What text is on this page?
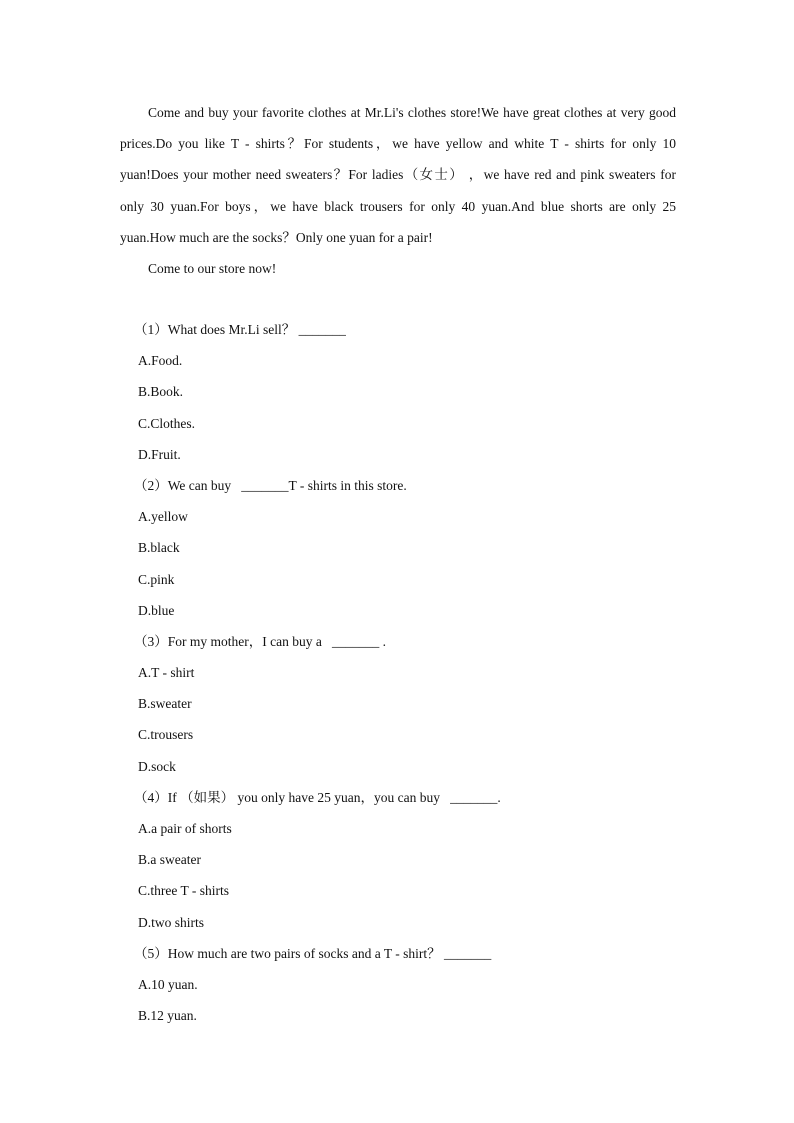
Come and buy your favorite clothes at Mr.Li's clothes store!We have great clothes at very good prices.Do you like T - shirts？For students，we have yellow and white T - shirts for only 10 yuan!Does your mother need sweaters？For ladies（女士） ，we have red and pink sweaters for only 30 yuan.For boys，we have black trousers for only 40 yuan.And blue shorts are only 25 yuan.How much are the socks？Only one yuan for a pair!

Come to our store now!

（1）What does Mr.Li sell？ _______
A.Food.
B.Book.
C.Clothes.
D.Fruit.
（2）We can buy   _______T - shirts in this store.
A.yellow
B.black
C.pink
D.blue
（3）For my mother，I can buy a   _______ .
A.T - shirt
B.sweater
C.trousers
D.sock
（4）If （如果） you only have 25 yuan，you can buy   _______.
A.a pair of shorts
B.a sweater
C.three T - shirts
D.two shirts
（5）How much are two pairs of socks and a T - shirt？ _______
A.10 yuan.
B.12 yuan.
